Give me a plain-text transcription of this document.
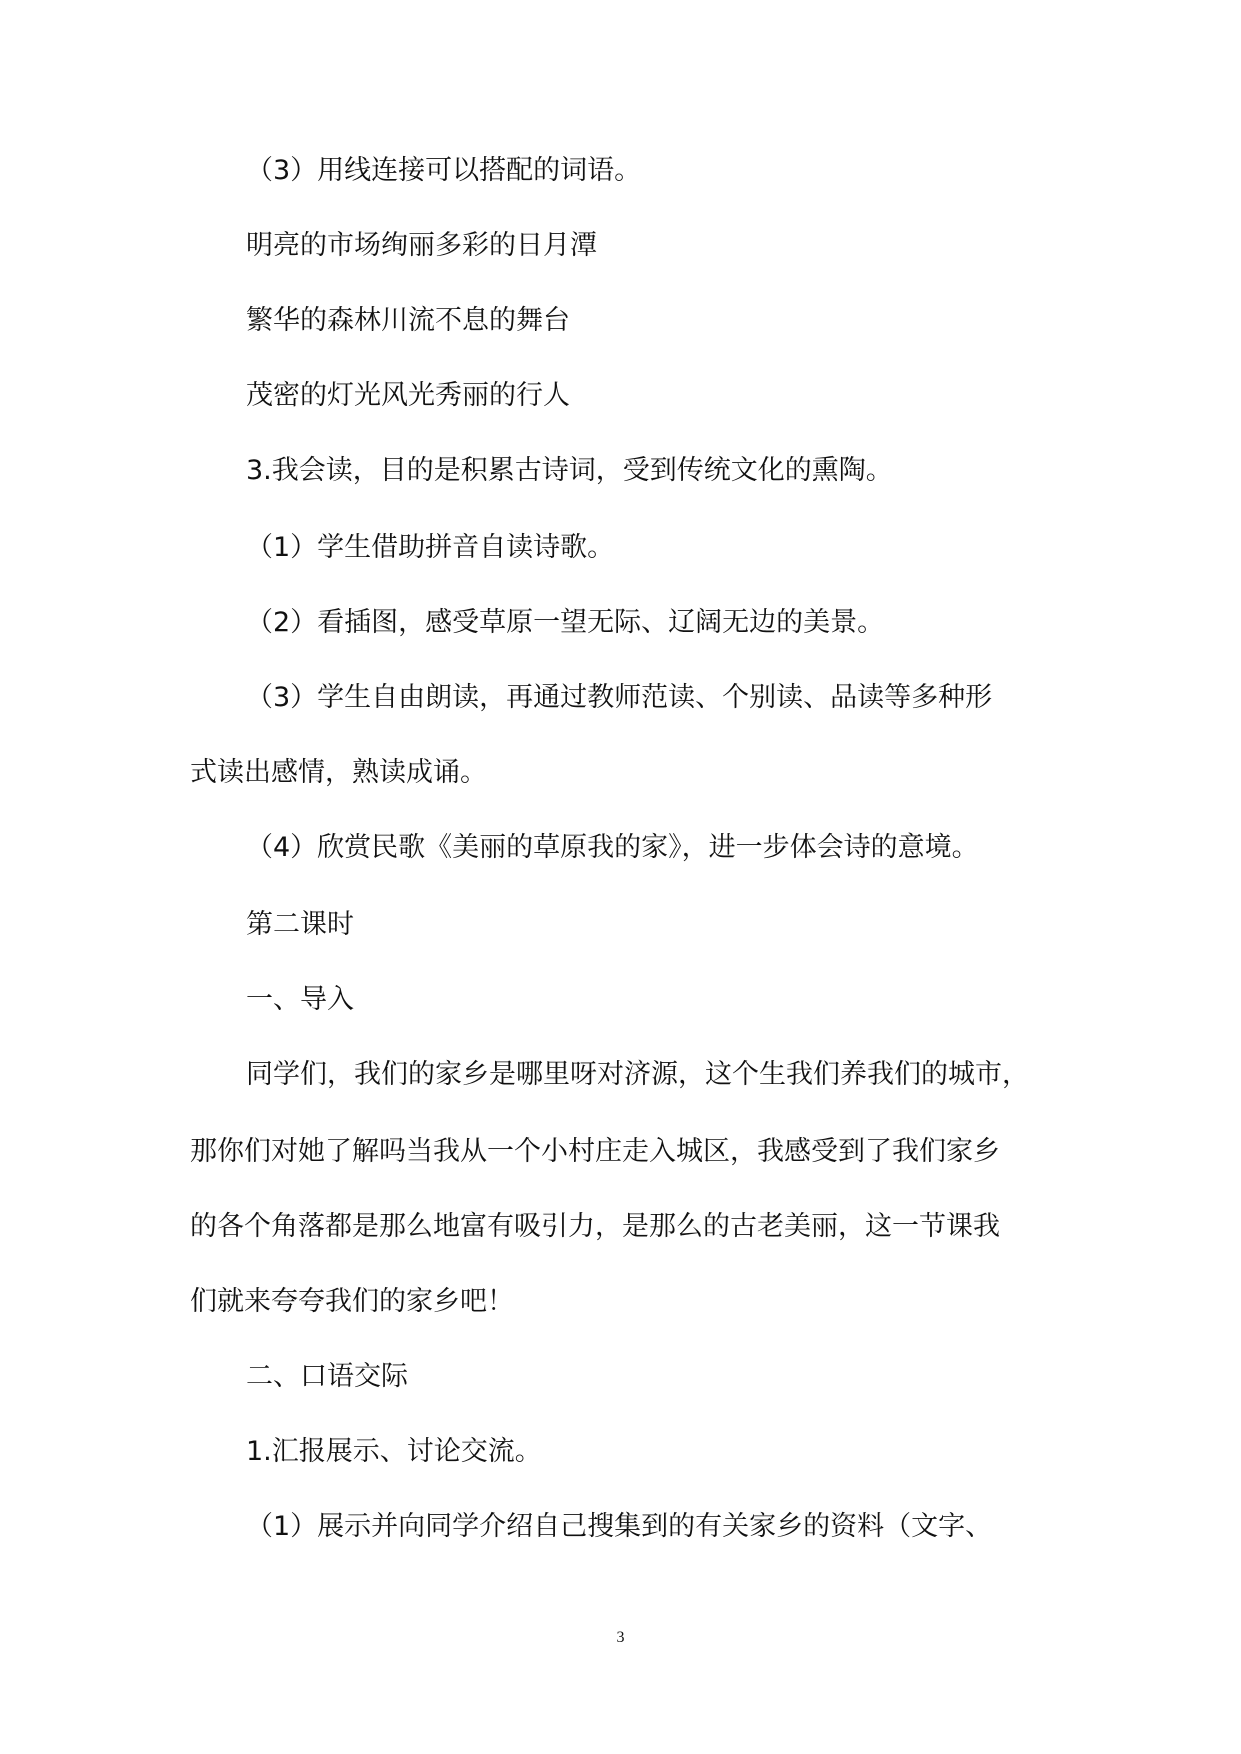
（3）用线连接可以搭配的词语。
明亮的市场绚丽多彩的日月潭
繁华的森林川流不息的舞台
茂密的灯光风光秀丽的行人
3.我会读，目的是积累古诗词，受到传统文化的熏陶。
（1）学生借助拼音自读诗歌。
（2）看插图，感受草原一望无际、辽阔无边的美景。
（3）学生自由朗读，再通过教师范读、个别读、品读等多种形
式读出感情，熟读成诵。
（4）欣赏民歌《美丽的草原我的家》，进一步体会诗的意境。
第二课时
一、导入
同学们，我们的家乡是哪里呀对济源，这个生我们养我们的城市，
那你们对她了解吗当我从一个小村庄走入城区，我感受到了我们家乡
的各个角落都是那么地富有吸引力，是那么的古老美丽，这一节课我
们就来夸夸我们的家乡吧！
二、口语交际
1.汇报展示、讨论交流。
（1）展示并向同学介绍自己搜集到的有关家乡的资料（文字、
3
